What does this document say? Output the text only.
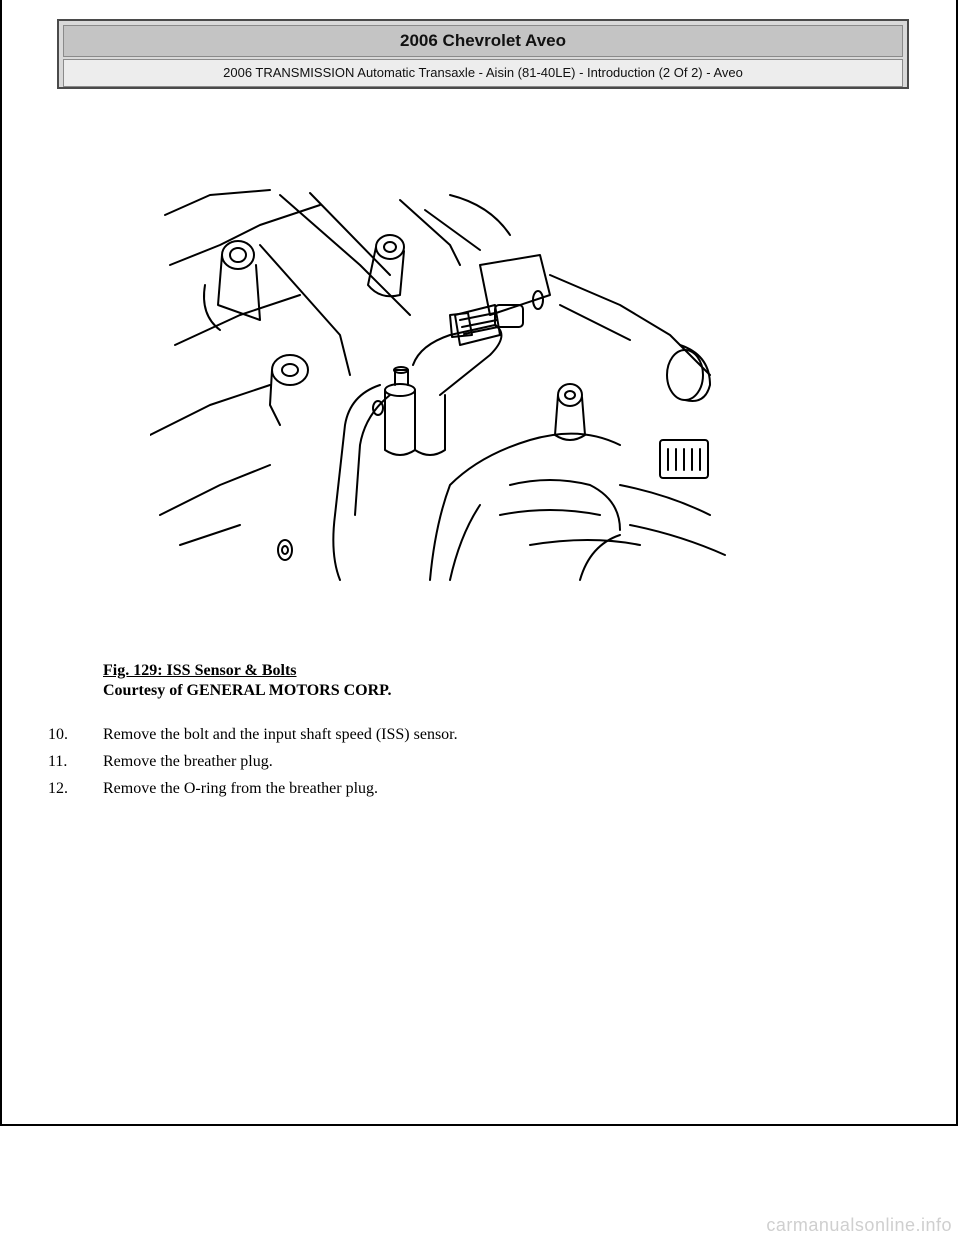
2006 Chevrolet Aveo
2006 TRANSMISSION Automatic Transaxle - Aisin (81-40LE) - Introduction (2 Of 2) - Aveo
Fig. 129: ISS Sensor & Bolts
Courtesy of GENERAL MOTORS CORP.
10.	Remove the bolt and the input shaft speed (ISS) sensor.
11.	Remove the breather plug.
12.	Remove the O-ring from the breather plug.
carmanualsonline.info
